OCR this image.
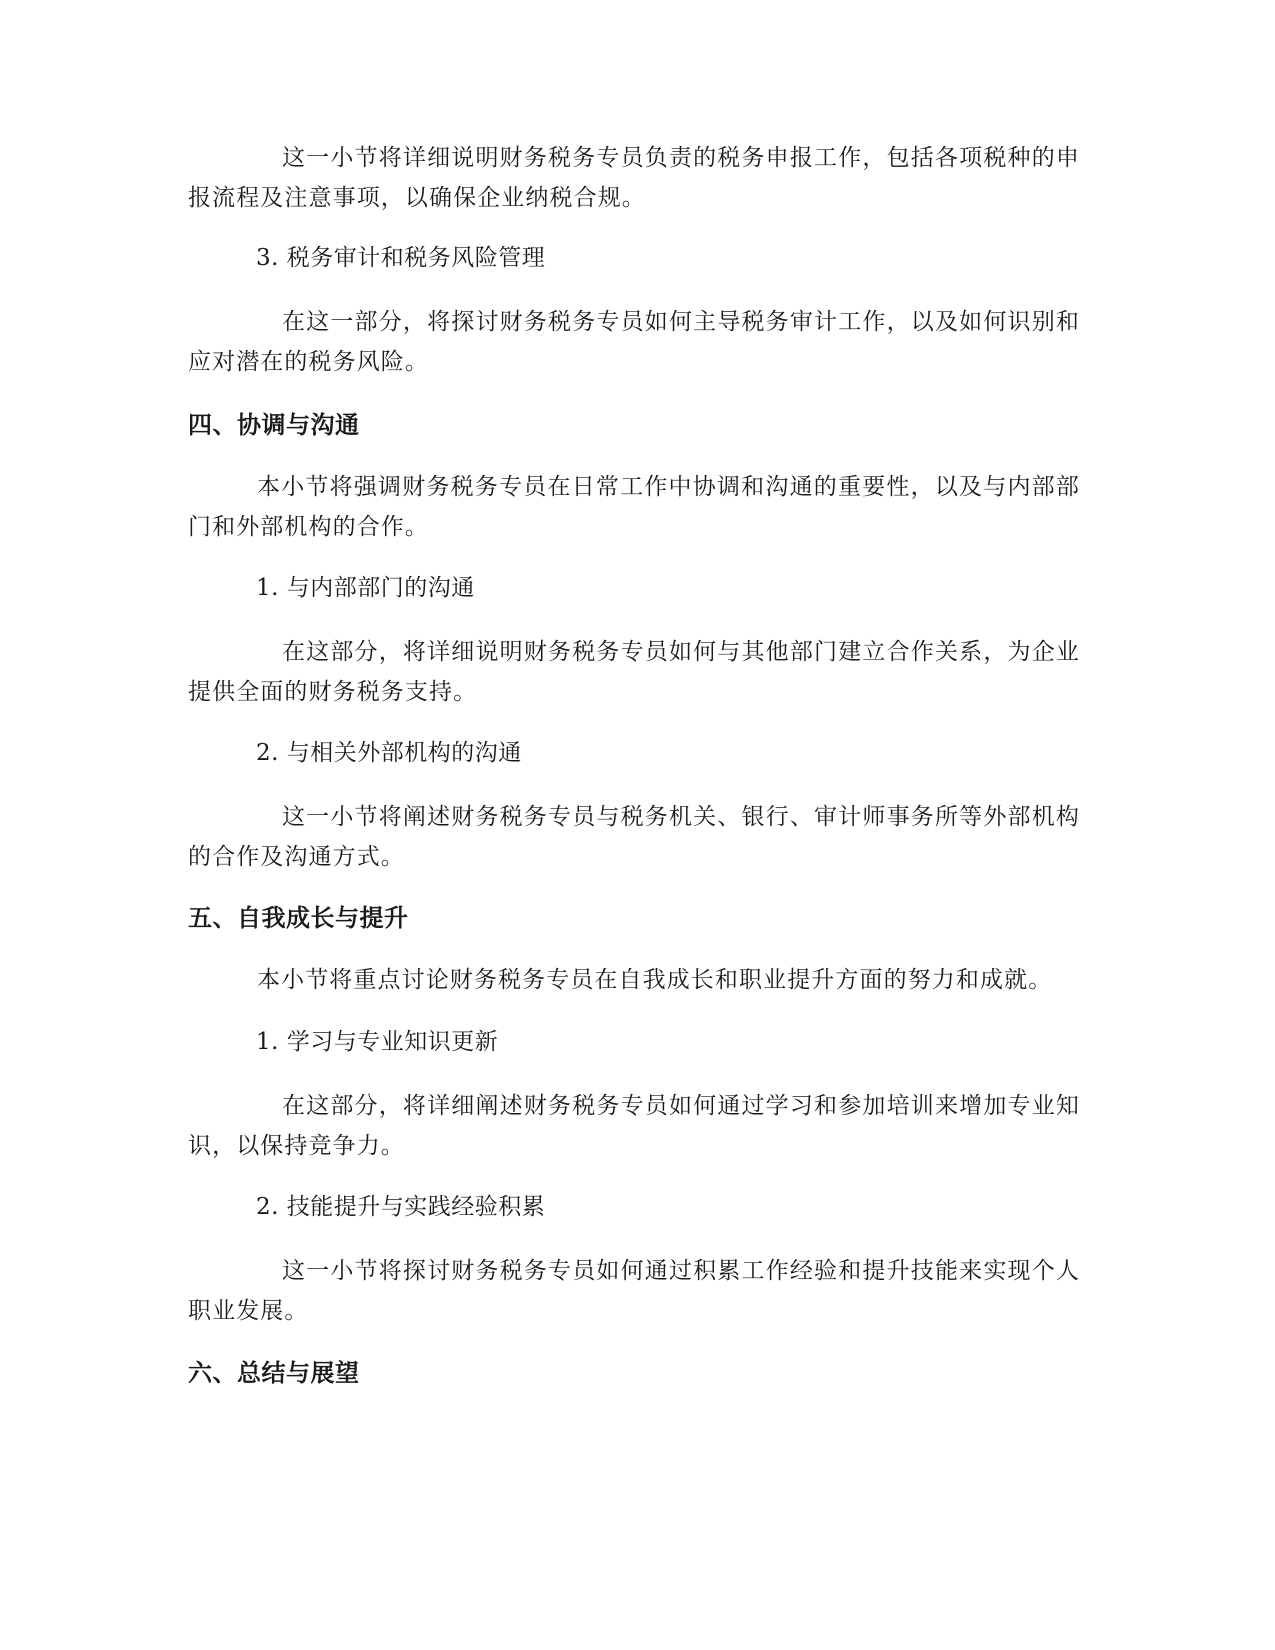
这一小节将详细说明财务税务专员负责的税务申报工作，包括各项税种的申报流程及注意事项，以确保企业纳税合规。

3. 税务审计和税务风险管理

在这一部分，将探讨财务税务专员如何主导税务审计工作，以及如何识别和应对潜在的税务风险。

四、协调与沟通

本小节将强调财务税务专员在日常工作中协调和沟通的重要性，以及与内部部门和外部机构的合作。

1. 与内部部门的沟通

在这部分，将详细说明财务税务专员如何与其他部门建立合作关系，为企业提供全面的财务税务支持。

2. 与相关外部机构的沟通

这一小节将阐述财务税务专员与税务机关、银行、审计师事务所等外部机构的合作及沟通方式。

五、自我成长与提升

本小节将重点讨论财务税务专员在自我成长和职业提升方面的努力和成就。

1. 学习与专业知识更新

在这部分，将详细阐述财务税务专员如何通过学习和参加培训来增加专业知识，以保持竞争力。

2. 技能提升与实践经验积累

这一小节将探讨财务税务专员如何通过积累工作经验和提升技能来实现个人职业发展。

六、总结与展望
